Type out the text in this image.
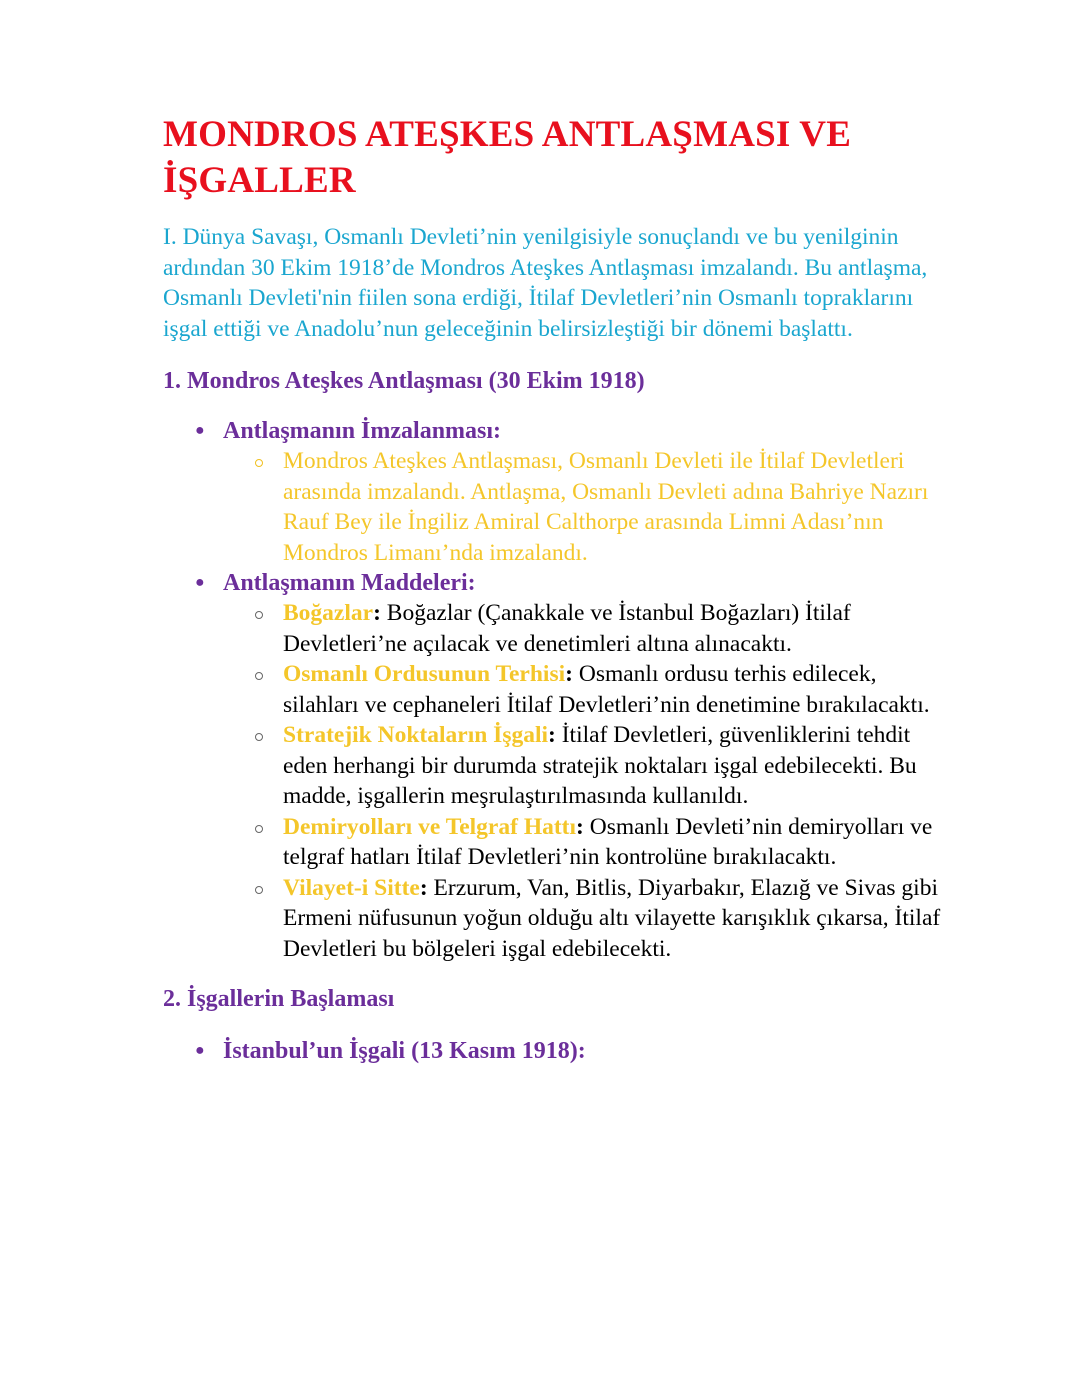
MONDROS ATEŞKES ANTLAŞMASI VE İŞGALLER

I. Dünya Savaşı, Osmanlı Devleti’nin yenilgisiyle sonuçlandı ve bu yenilginin ardından 30 Ekim 1918’de Mondros Ateşkes Antlaşması imzalandı. Bu antlaşma, Osmanlı Devleti'nin fiilen sona erdiği, İtilaf Devletleri’nin Osmanlı topraklarını işgal ettiği ve Anadolu’nun geleceğinin belirsizleştiği bir dönemi başlattı.

1. Mondros Ateşkes Antlaşması (30 Ekim 1918)
● Antlaşmanın İmzalanması:
Mondros Ateşkes Antlaşması, Osmanlı Devleti ile İtilaf Devletleri arasında imzalandı. Antlaşma, Osmanlı Devleti adına Bahriye Nazırı Rauf Bey ile İngiliz Amiral Calthorpe arasında Limni Adası’nın Mondros Limanı’nda imzalandı.
● Antlaşmanın Maddeleri:
Boğazlar: Boğazlar (Çanakkale ve İstanbul Boğazları) İtilaf Devletleri’ne açılacak ve denetimleri altına alınacaktı.
Osmanlı Ordusunun Terhisi: Osmanlı ordusu terhis edilecek, silahları ve cephaneleri İtilaf Devletleri’nin denetimine bırakılacaktı.
Stratejik Noktaların İşgali: İtilaf Devletleri, güvenliklerini tehdit eden herhangi bir durumda stratejik noktaları işgal edebilecekti. Bu madde, işgallerin meşrulaştırılmasında kullanıldı.
Demiryolları ve Telgraf Hattı: Osmanlı Devleti’nin demiryolları ve telgraf hatları İtilaf Devletleri’nin kontrolüne bırakılacaktı.
Vilayet-i Sitte: Erzurum, Van, Bitlis, Diyarbakır, Elazığ ve Sivas gibi Ermeni nüfusunun yoğun olduğu altı vilayette karışıklık çıkarsa, İtilaf Devletleri bu bölgeleri işgal edebilecekti.
2. İşgallerin Başlaması
● İstanbul’un İşgali (13 Kasım 1918):
